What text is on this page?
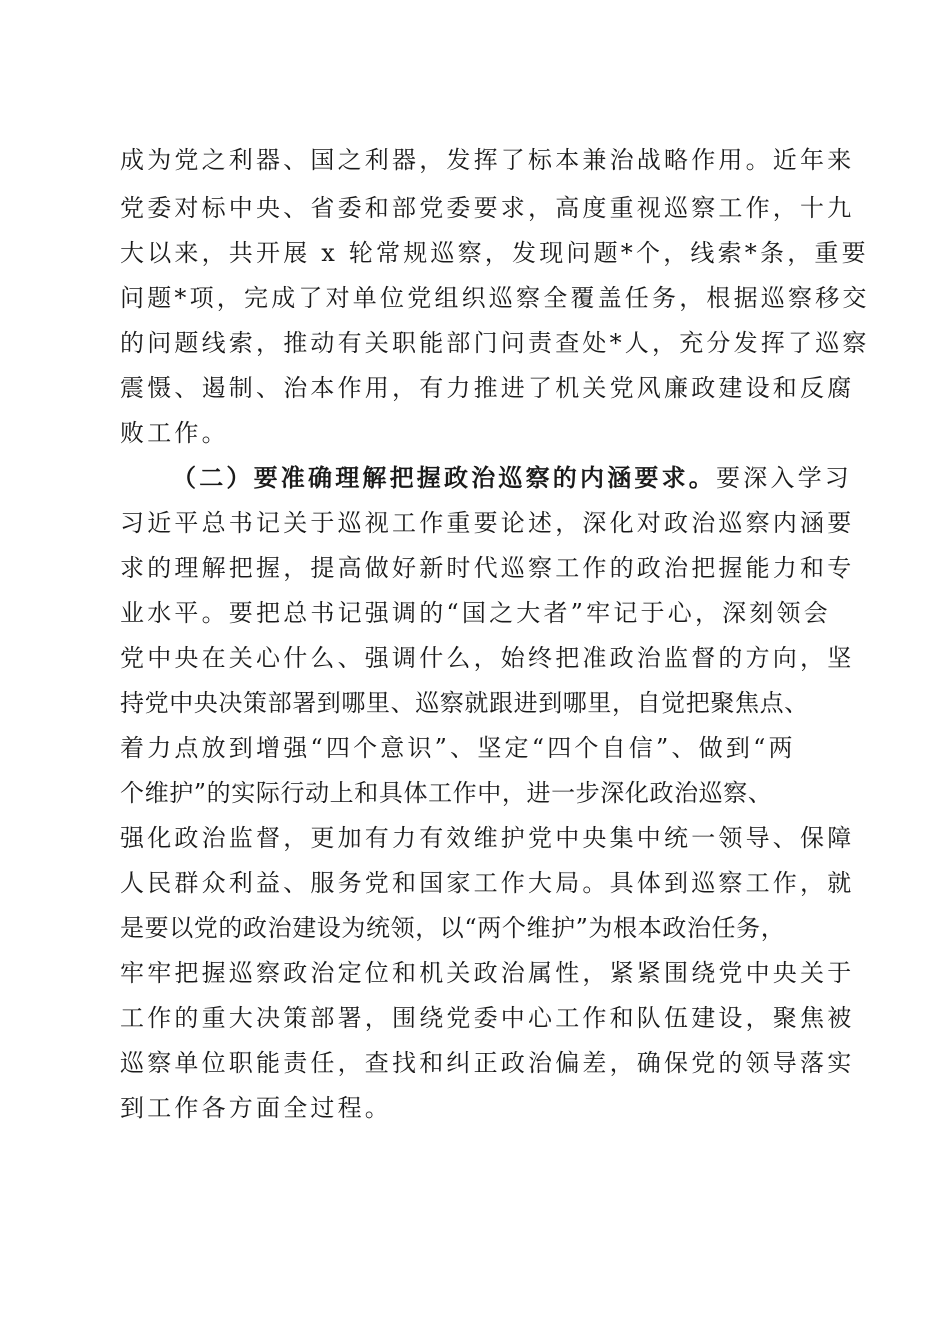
成为党之利器、国之利器，发挥了标本兼治战略作用。近年来
党委对标中央、省委和部党委要求，高度重视巡察工作，十九
大以来，共开展 x 轮常规巡察，发现问题*个，线索*条，重要
问题*项，完成了对单位党组织巡察全覆盖任务，根据巡察移交
的问题线索，推动有关职能部门问责查处*人，充分发挥了巡察
震慑、遏制、治本作用，有力推进了机关党风廉政建设和反腐
败工作。
（二）要准确理解把握政治巡察的内涵要求。要深入学习
习近平总书记关于巡视工作重要论述，深化对政治巡察内涵要
求的理解把握，提高做好新时代巡察工作的政治把握能力和专
业水平。要把总书记强调的“国之大者”牢记于心，深刻领会
党中央在关心什么、强调什么，始终把准政治监督的方向，坚
持党中央决策部署到哪里、巡察就跟进到哪里，自觉把聚焦点、
着力点放到增强“四个意识”、坚定“四个自信”、做到“两
个维护”的实际行动上和具体工作中，进一步深化政治巡察、
强化政治监督，更加有力有效维护党中央集中统一领导、保障
人民群众利益、服务党和国家工作大局。具体到巡察工作，就
是要以党的政治建设为统领，以“两个维护”为根本政治任务，
牢牢把握巡察政治定位和机关政治属性，紧紧围绕党中央关于
工作的重大决策部署，围绕党委中心工作和队伍建设，聚焦被
巡察单位职能责任，查找和纠正政治偏差，确保党的领导落实
到工作各方面全过程。
